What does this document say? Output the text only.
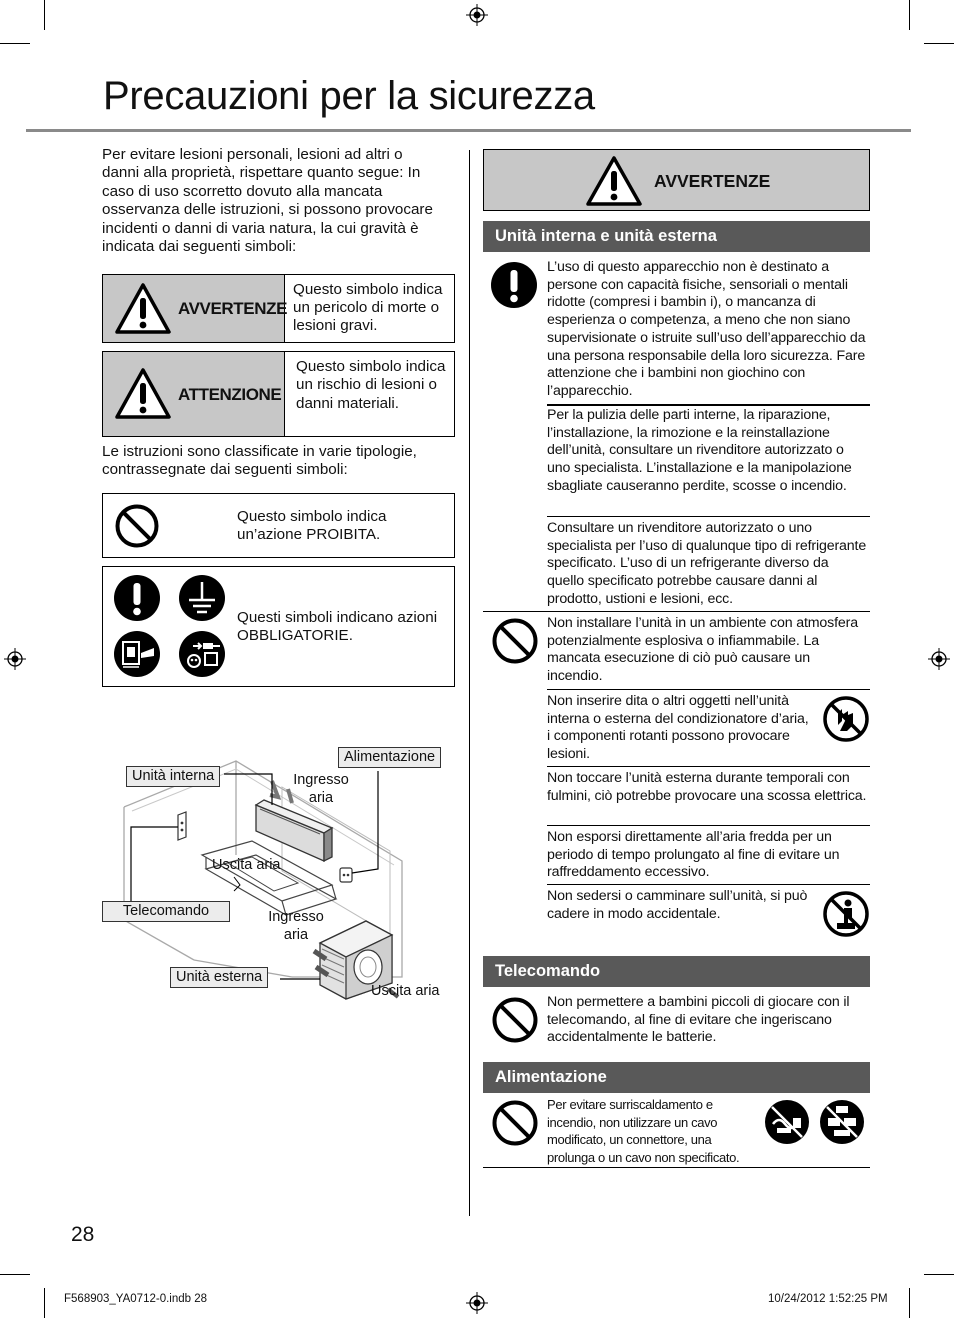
Precauzioni per la sicurezza
Per evitare lesioni personali, lesioni ad altri o danni alla proprietà, rispettare quanto segue: In caso di uso scorretto dovuto alla mancata osservanza delle istruzioni, si possono provocare incidenti o danni di varia natura, la cui gravità è indicata dai seguenti simboli:
AVVERTENZE
Questo simbolo indica un pericolo di morte o lesioni gravi.
ATTENZIONE
Questo simbolo indica un rischio di lesioni o danni materiali.
Le istruzioni sono classificate in varie tipologie, contrassegnate dai seguenti simboli:
Questo simbolo indica un’azione PROIBITA.
Questi simboli indicano azioni OBBLIGATORIE.
Unità interna
Alimentazione
Ingresso aria
Uscita aria
Telecomando	Ingresso aria
Unità esterna
Uscita aria
AVVERTENZE
Unità interna e unità esterna
L’uso di questo apparecchio non è destinato a persone con capacità fisiche, sensoriali o mentali ridotte (compresi i bambin i), o mancanza di esperienza o competenza, a meno che non siano supervisionate o istruite sull’uso dell’apparecchio da una persona responsabile della loro sicurezza. Fare attenzione che i bambini non giochino con l’apparecchio.
Per la pulizia delle parti interne, la riparazione, l’installazione, la rimozione e la reinstallazione dell’unità, consultare un rivenditore autorizzato o uno specialista. L’installazione e la manipolazione sbagliate causeranno perdite, scosse o incendio.
Consultare un rivenditore autorizzato o uno specialista per l’uso di qualunque tipo di refrigerante specificato. L’uso di un refrigerante diverso da quello specificato potrebbe causare danni al prodotto, ustioni e lesioni, ecc.
Non installare l’unità in un ambiente con atmosfera potenzialmente esplosiva o infiammabile. La mancata esecuzione di ciò può causare un incendio.
Non inserire dita o altri oggetti nell’unità interna o esterna del condizionatore d’aria, i componenti rotanti possono provocare lesioni.
Non toccare l’unità esterna durante temporali con fulmini, ciò potrebbe provocare una scossa elettrica.
Non esporsi direttamente all’aria fredda per un periodo di tempo prolungato al fine di evitare un raffreddamento eccessivo.
Non sedersi o camminare sull’unità, si può cadere in modo accidentale.
Telecomando
Non permettere a bambini piccoli di giocare con il telecomando, al fine di evitare che ingeriscano accidentalmente le batterie.
Alimentazione
Per evitare surriscaldamento e incendio, non utilizzare un cavo modificato, un connettore, una prolunga o un cavo non specificato.
28
F568903_YA0712-0.indb 28	10/24/2012 1:52:25 PM
